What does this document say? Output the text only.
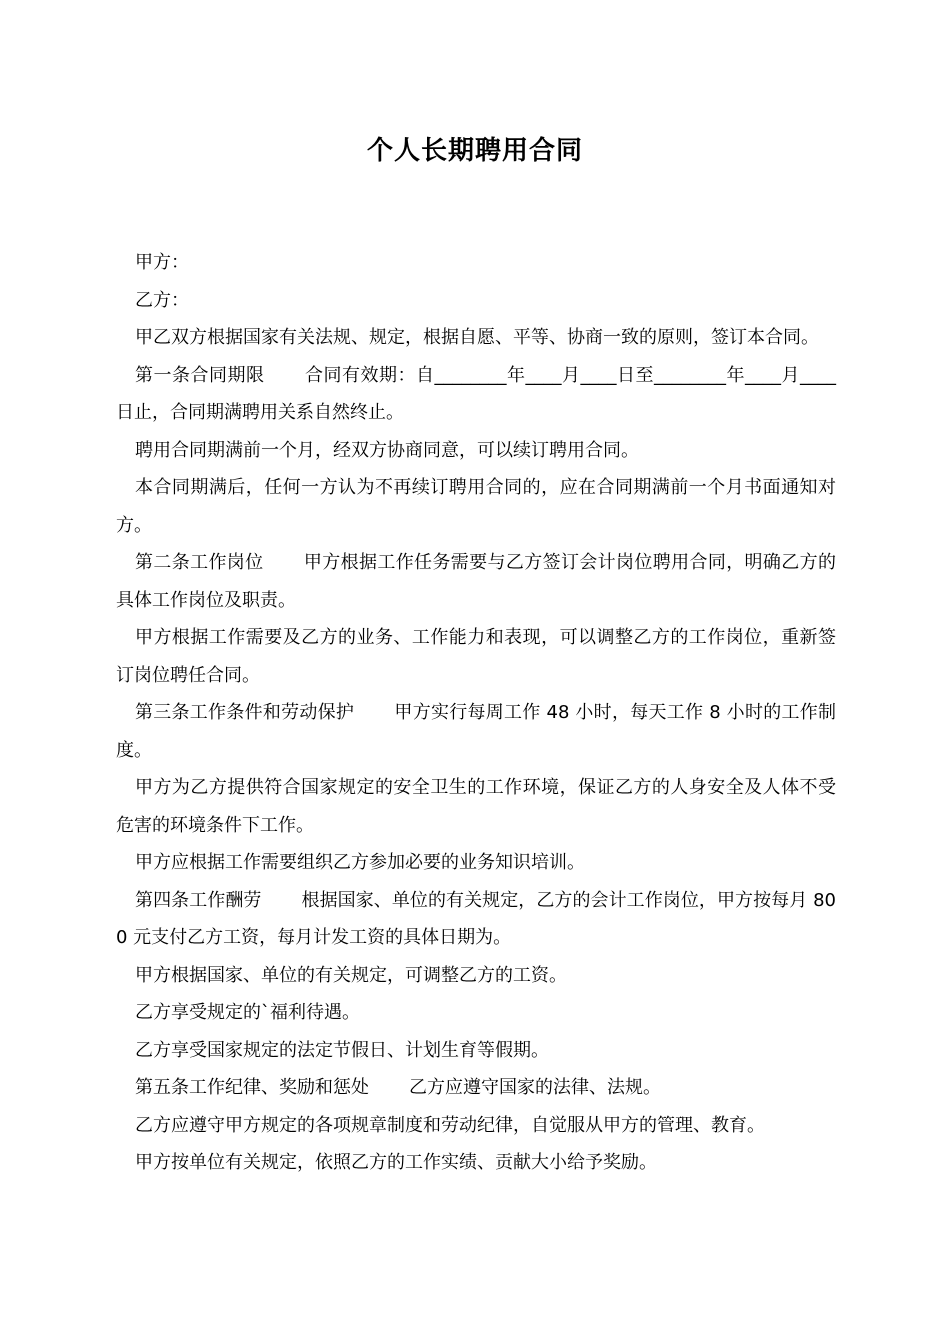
个人长期聘用合同

甲方：

乙方：

甲乙双方根据国家有关法规、规定，根据自愿、平等、协商一致的原则，签订本合同。

第一条合同期限 合同有效期：自________年____月____日至________年____月____日止，合同期满聘用关系自然终止。

聘用合同期满前一个月，经双方协商同意，可以续订聘用合同。

本合同期满后，任何一方认为不再续订聘用合同的，应在合同期满前一个月书面通知对方。

第二条工作岗位 甲方根据工作任务需要与乙方签订会计岗位聘用合同，明确乙方的具体工作岗位及职责。

甲方根据工作需要及乙方的业务、工作能力和表现，可以调整乙方的工作岗位，重新签订岗位聘任合同。

第三条工作条件和劳动保护 甲方实行每周工作 48 小时，每天工作 8 小时的工作制度。

甲方为乙方提供符合国家规定的安全卫生的工作环境，保证乙方的人身安全及人体不受危害的环境条件下工作。

甲方应根据工作需要组织乙方参加必要的业务知识培训。

第四条工作酬劳 根据国家、单位的有关规定，乙方的会计工作岗位，甲方按每月 800 元支付乙方工资，每月计发工资的具体日期为。

甲方根据国家、单位的有关规定，可调整乙方的工资。

乙方享受规定的`福利待遇。

乙方享受国家规定的法定节假日、计划生育等假期。

第五条工作纪律、奖励和惩处 乙方应遵守国家的法律、法规。

乙方应遵守甲方规定的各项规章制度和劳动纪律，自觉服从甲方的管理、教育。

甲方按单位有关规定，依照乙方的工作实绩、贡献大小给予奖励。
